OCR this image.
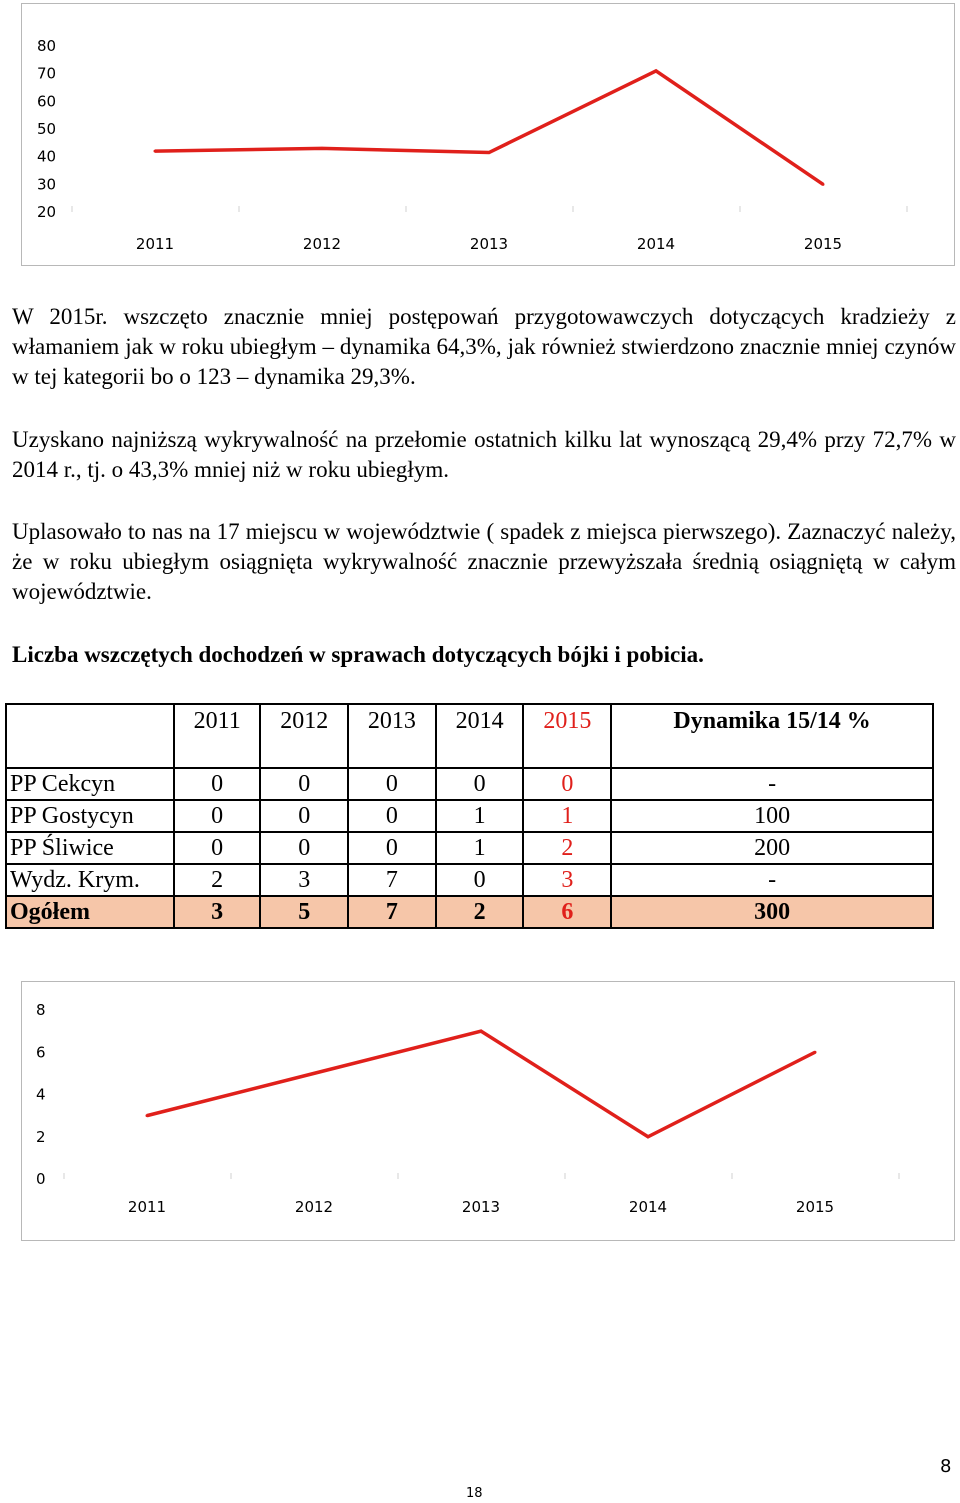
80
70
60
50
40
30
20
2011	2012	2013	2014	2015

W 2015r. wszczęto znacznie mniej postępowań przygotowawczych dotyczących kradzieży z włamaniem jak w roku ubiegłym – dynamika 64,3%, jak również stwierdzono znacznie mniej czynów w tej kategorii bo o 123 – dynamika 29,3%.

Uzyskano najniższą wykrywalność na przełomie ostatnich kilku lat wynoszącą 29,4% przy 72,7% w 2014 r., tj. o 43,3% mniej niż w roku ubiegłym.

Uplasowało to nas na 17 miejscu w województwie ( spadek z miejsca pierwszego). Zaznaczyć należy, że w roku ubiegłym osiągnięta wykrywalność znacznie przewyższała średnią osiągniętą w całym województwie.

Liczba wszczętych dochodzeń w sprawach dotyczących bójki i pobicia.

	2011	2012	2013	2014	2015	Dynamika 15/14 %
PP Cekcyn	0	0	0	0	0	-
PP Gostycyn	0	0	0	1	1	100
PP Śliwice	0	0	0	1	2	200
Wydz. Krym.	2	3	7	0	3	-
Ogółem	3	5	7	2	6	300
8
6
4
2
0
2011	2012	2013	2014	2015
18
8
